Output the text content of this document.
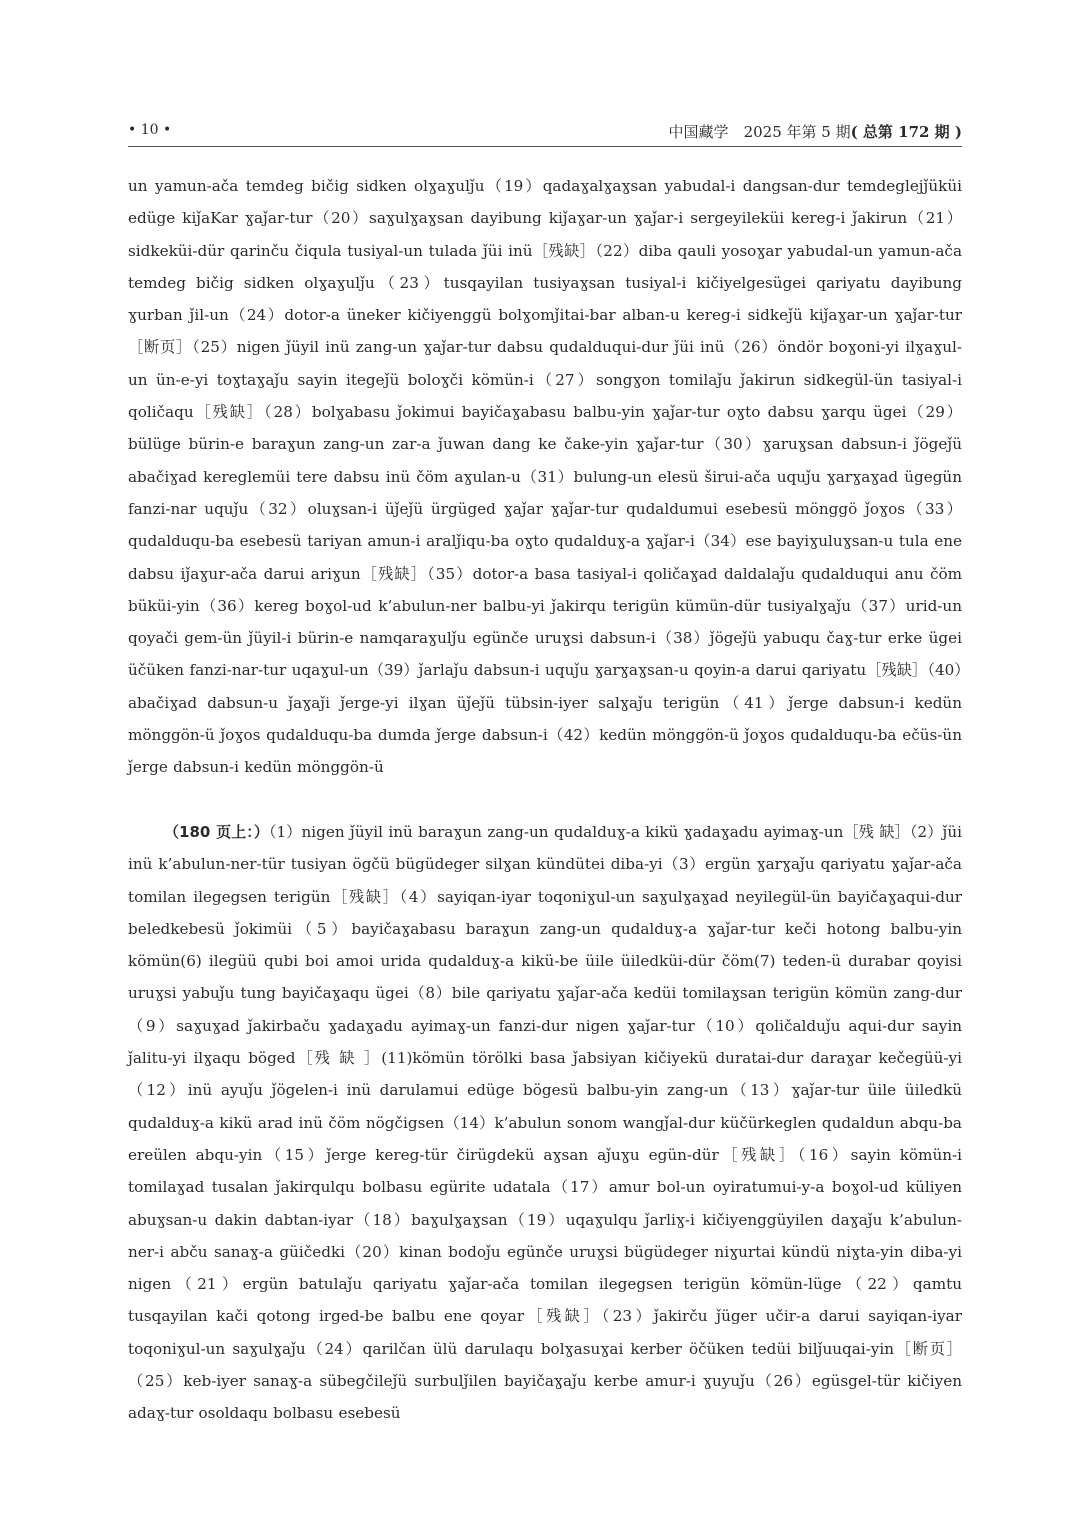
• 10 •	中国藏学  2025 年第 5 期( 总第 172 期 )
un yamun-ača temdeg bičig sidken olɣaɣulǰu（19）qadaɣalɣaɣsan yabudal-i dangsan-dur temdeglejǰüküi edüge kiǰaKar ɣaǰar-tur（20）saɣulɣaɣsan dayibung kiǰaɣar-un ɣaǰar-i sergeyileküi kereg-i ǰakirun（21）sidkeküi-dür qarinču čiqula tusiyal-un tulada ǰüi inü［残缺］（22）diba qauli yosoɣar yabudal-un yamun-ača temdeg bičig sidken olɣaɣulǰu（23）tusqayilan tusiyaɣsan tusiyal-i kičiyelgesügei qariyatu dayibung ɣurban ǰil-un（24）dotor-a üneker kičiyenggü bolɣomǰitai-bar alban-u kereg-i sidkeǰü kiǰaɣar-un ɣaǰar-tur［断页］（25）nigen ǰüyil inü zang-un ɣaǰar-tur dabsu qudalduqui-dur ǰüi inü（26）öndör boɣoni-yi ilɣaɣul-un ün-e-yi toɣtaɣaǰu sayin itegeǰü boloɣči kömün-i（27）songɣon tomilaǰu ǰakirun sidkegül-ün tasiyal-i qoličaqu［残缺］（28）bolɣabasu ǰokimui bayičaɣabasu balbu-yin ɣaǰar-tur oɣto dabsu ɣarqu ügei（29）bülüge bürin-e baraɣun zang-un zar-a ǰuwan dang ke čake-yin ɣaǰar-tur（30）ɣaruɣsan dabsun-i ǰögeǰü abačiɣad kereglemüi tere dabsu inü čöm aɣulan-u（31）bulung-un elesü širui-ača uquǰu ɣarɣaɣad ügegün fanzi-nar uquǰu（32）oluɣsan-i üǰeǰü ürgüged ɣaǰar ɣaǰar-tur qudaldumui esebesü mönggö ǰoɣos（33）qudalduqu-ba esebesü tariyan amun-i aralǰiqu-ba oɣto qudalduɣ-a ɣaǰar-i（34）ese bayiɣuluɣsan-u tula ene dabsu iǰaɣur-ača darui ariɣun［残缺］（35）dotor-a basa tasiyal-i qoličaɣad daldalaǰu qudalduqui anu čöm büküi-yin（36）kereg boɣol-ud k’abulun-ner balbu-yi ǰakirqu terigün kümün-dür tusiyalɣaǰu（37）urid-un qoyači gem-ün ǰüyil-i bürin-e namqaraɣulǰu egünče uruɣsi dabsun-i（38）ǰögeǰü yabuqu čaɣ-tur erke ügei üčüken fanzi-nar-tur uqaɣul-un（39）ǰarlaǰu dabsun-i uquǰu ɣarɣaɣsan-u qoyin-a darui qariyatu［残缺］（40）abačiɣad dabsun-u ǰaɣaǰi ǰerge-yi ilɣan üǰeǰü tübsin-iyer salɣaǰu terigün（41）ǰerge dabsun-i kedün mönggön-ü ǰoɣos qudalduqu-ba dumda ǰerge dabsun-i（42）kedün mönggön-ü ǰoɣos qudalduqu-ba ečüs-ün ǰerge dabsun-i kedün mönggön-ü
（180 页上：）（1）nigen ǰüyil inü baraɣun zang-un qudalduɣ-a kikü ɣadaɣadu ayimaɣ-un［残 缺］（2）ǰüi inü k’abulun-ner-tür tusiyan ögčü bügüdeger silɣan kündütei diba-yi（3）ergün ɣarɣaǰu qariyatu ɣaǰar-ača tomilan ilegegsen terigün［残缺］（4）sayiqan-iyar toqoniɣul-un saɣulɣaɣad neyilegül-ün bayičaɣaqui-dur beledkebesü ǰokimüi（5）bayičaɣabasu baraɣun zang-un qudalduɣ-a ɣaǰar-tur keči hotong balbu-yin kömün(6) ilegüü qubi boi amoi urida qudalduɣ-a kikü-be üile üiledküi-dür čöm(7) teden-ü durabar qoyisi uruɣsi yabuǰu tung bayičaɣaqu ügei（8）bile qariyatu ɣaǰar-ača kedüi tomilaɣsan terigün kömün zang-dur（9）saɣuɣad ǰakirbaču ɣadaɣadu ayimaɣ-un fanzi-dur nigen ɣaǰar-tur（10）qoličalduǰu aqui-dur sayin ǰalitu-yi ilɣaqu böged［残 缺 ］(11)kömün törölki basa ǰabsiyan kičiyekü duratai-dur daraɣar kečegüü-yi（12）inü ayuǰu ǰögelen-i inü darulamui edüge bögesü balbu-yin zang-un（13）ɣaǰar-tur üile üiledkü qudalduɣ-a kikü arad inü čöm nögčigsen（14）k’abulun sonom wangǰal-dur küčürkeglen qudaldun abqu-ba ereülen abqu-yin（15）ǰerge kereg-tür čirügdekü aɣsan aǰuɣu egün-dür［残缺］（16）sayin kömün-i tomilaɣad tusalan ǰakirqulqu bolbasu egürite udatala（17）amur bol-un oyiratumui-y-a boɣol-ud küliyen abuɣsan-u dakin dabtan-iyar（18）baɣulɣaɣsan（19）uqaɣulqu ǰarliɣ-i kičiyenggüyilen daɣaǰu k’abulun-ner-i abču sanaɣ-a güičedki（20）kinan bodoǰu egünče uruɣsi bügüdeger niɣurtai kündü niɣta-yin diba-yi nigen（21）ergün batulaǰu qariyatu ɣaǰar-ača tomilan ilegegsen terigün kömün-lüge（22）qamtu tusqayilan kači qotong irged-be balbu ene qoyar［残缺］（23）ǰakirču ǰüger učir-a darui sayiqan-iyar toqoniɣul-un saɣulɣaǰu（24）qarilčan ülü darulaqu bolɣasuɣai kerber öčüken tedüi bilǰuuqai-yin［断页］（25）keb-iyer sanaɣ-a sübegčileǰü surbulǰilen bayičaɣaǰu kerbe amur-i ɣuyuǰu（26）egüsgel-tür kičiyen adaɣ-tur osoldaqu bolbasu esebesü
